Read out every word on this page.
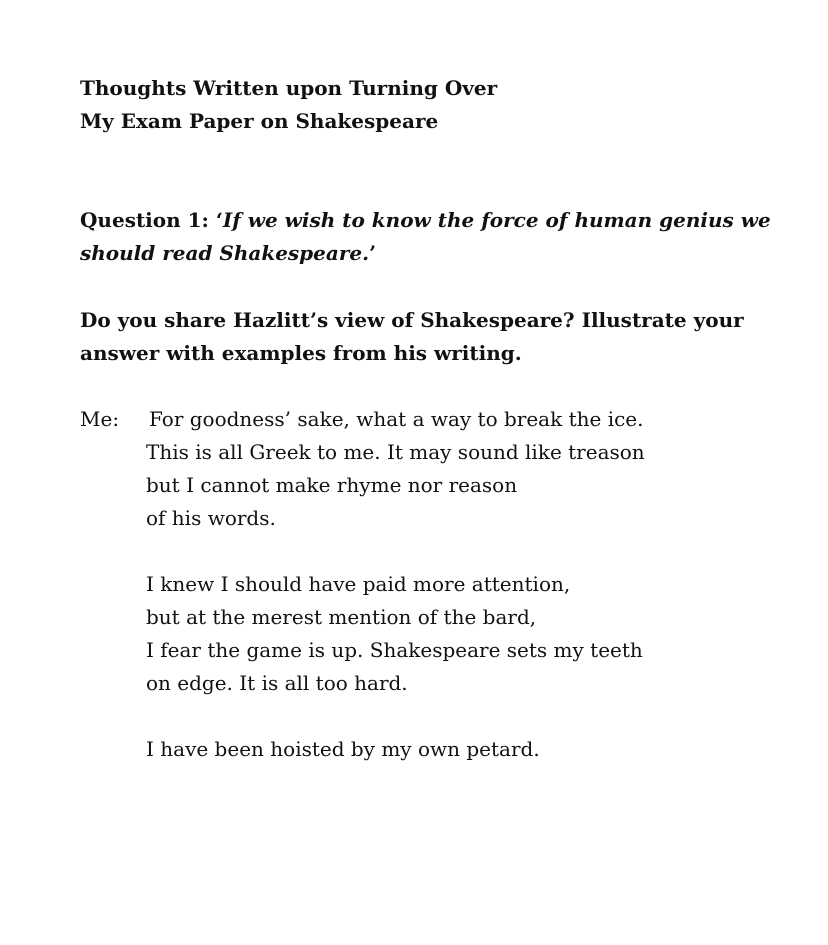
Thoughts Written upon Turning Over
My Exam Paper on Shakespeare
Question 1: ‘If we wish to know the force of human genius we
should read Shakespeare.’
Do you share Hazlitt’s view of Shakespeare? Illustrate your
answer with examples from his writing.
Me: For goodness’ sake, what a way to break the ice.
This is all Greek to me. It may sound like treason
but I cannot make rhyme nor reason
of his words.
I knew I should have paid more attention,
but at the merest mention of the bard,
I fear the game is up. Shakespeare sets my teeth
on edge. It is all too hard.
I have been hoisted by my own petard.
